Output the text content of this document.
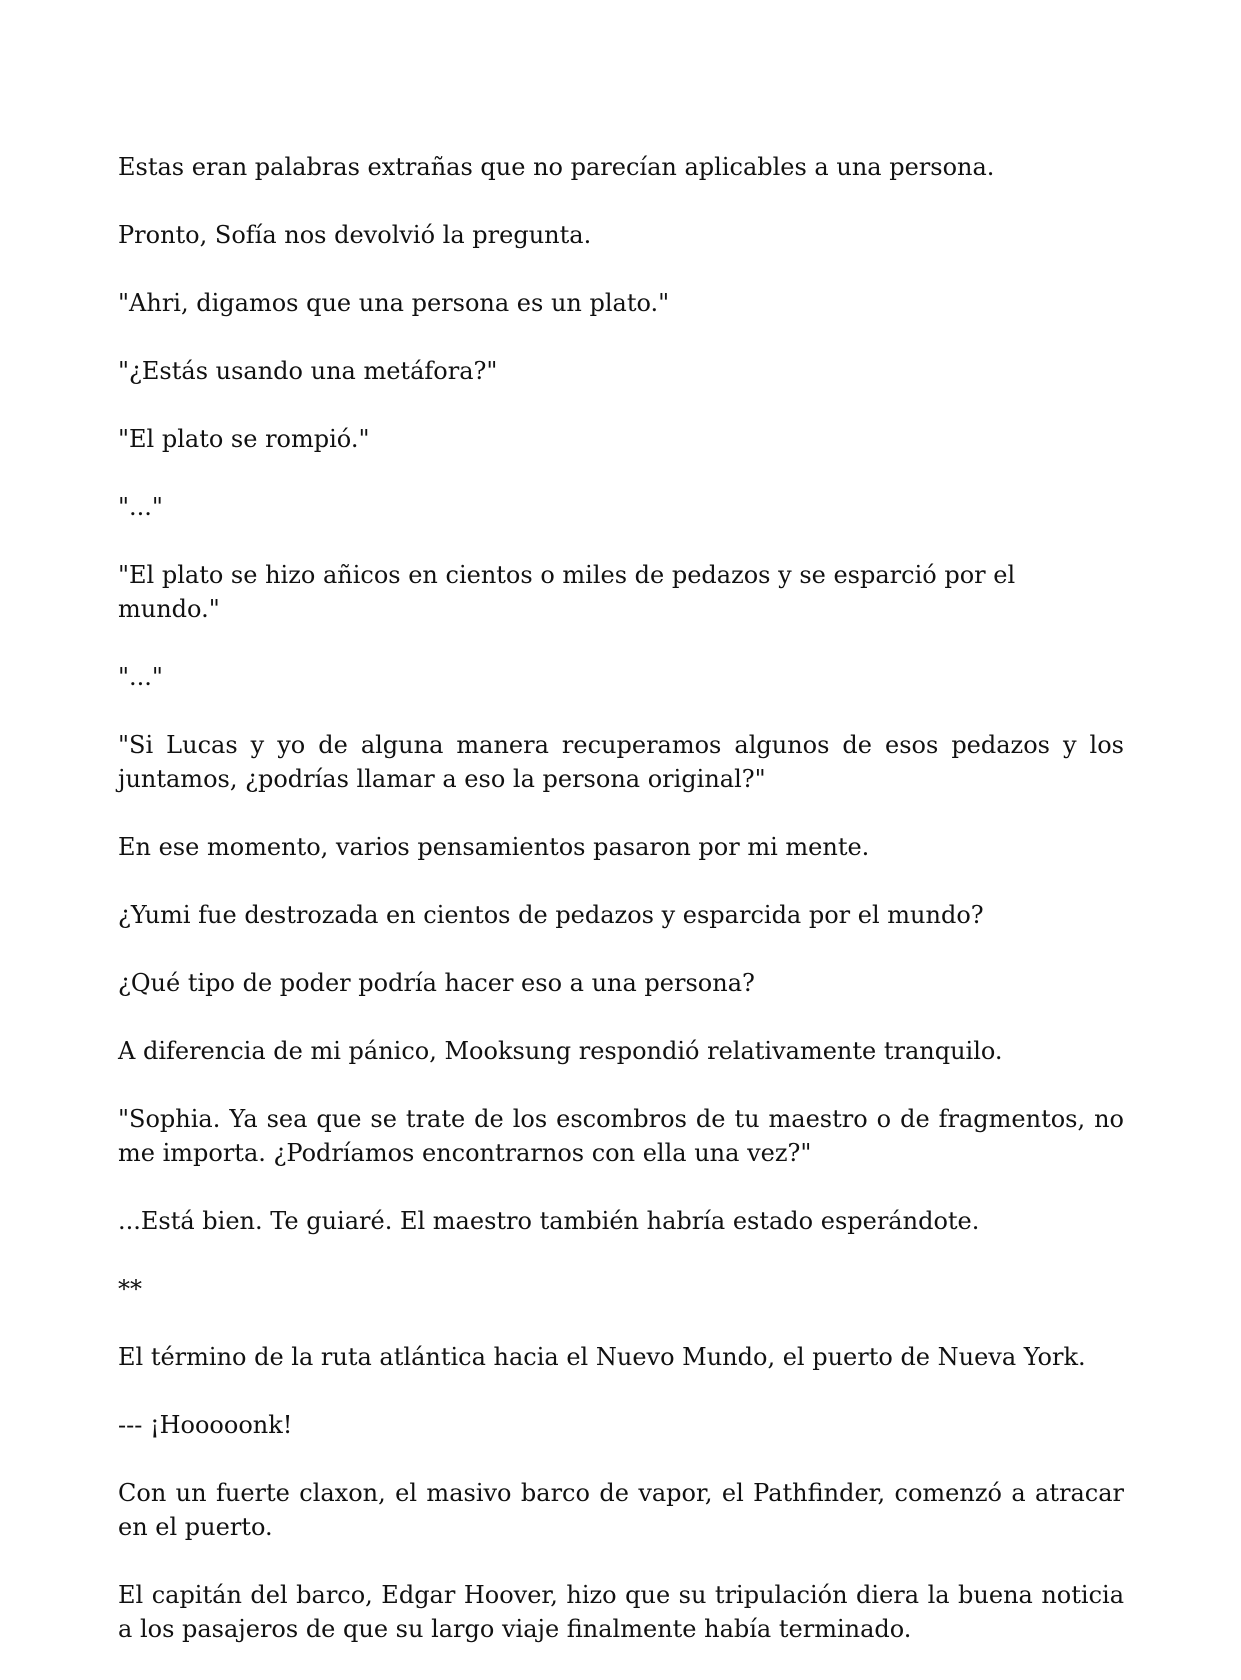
Estas eran palabras extrañas que no parecían aplicables a una persona.

Pronto, Sofía nos devolvió la pregunta.

"Ahri, digamos que una persona es un plato."

"¿Estás usando una metáfora?"

"El plato se rompió."

"..."

"El plato se hizo añicos en cientos o miles de pedazos y se esparció por el mundo."

"..."

"Si Lucas y yo de alguna manera recuperamos algunos de esos pedazos y los juntamos, ¿podrías llamar a eso la persona original?"

En ese momento, varios pensamientos pasaron por mi mente.

¿Yumi fue destrozada en cientos de pedazos y esparcida por el mundo?

¿Qué tipo de poder podría hacer eso a una persona?

A diferencia de mi pánico, Mooksung respondió relativamente tranquilo.

"Sophia. Ya sea que se trate de los escombros de tu maestro o de fragmentos, no me importa. ¿Podríamos encontrarnos con ella una vez?"

...Está bien. Te guiaré. El maestro también habría estado esperándote.

**

El término de la ruta atlántica hacia el Nuevo Mundo, el puerto de Nueva York.

--- ¡Hooooonk!

Con un fuerte claxon, el masivo barco de vapor, el Pathfinder, comenzó a atracar en el puerto.

El capitán del barco, Edgar Hoover, hizo que su tripulación diera la buena noticia a los pasajeros de que su largo viaje finalmente había terminado.
